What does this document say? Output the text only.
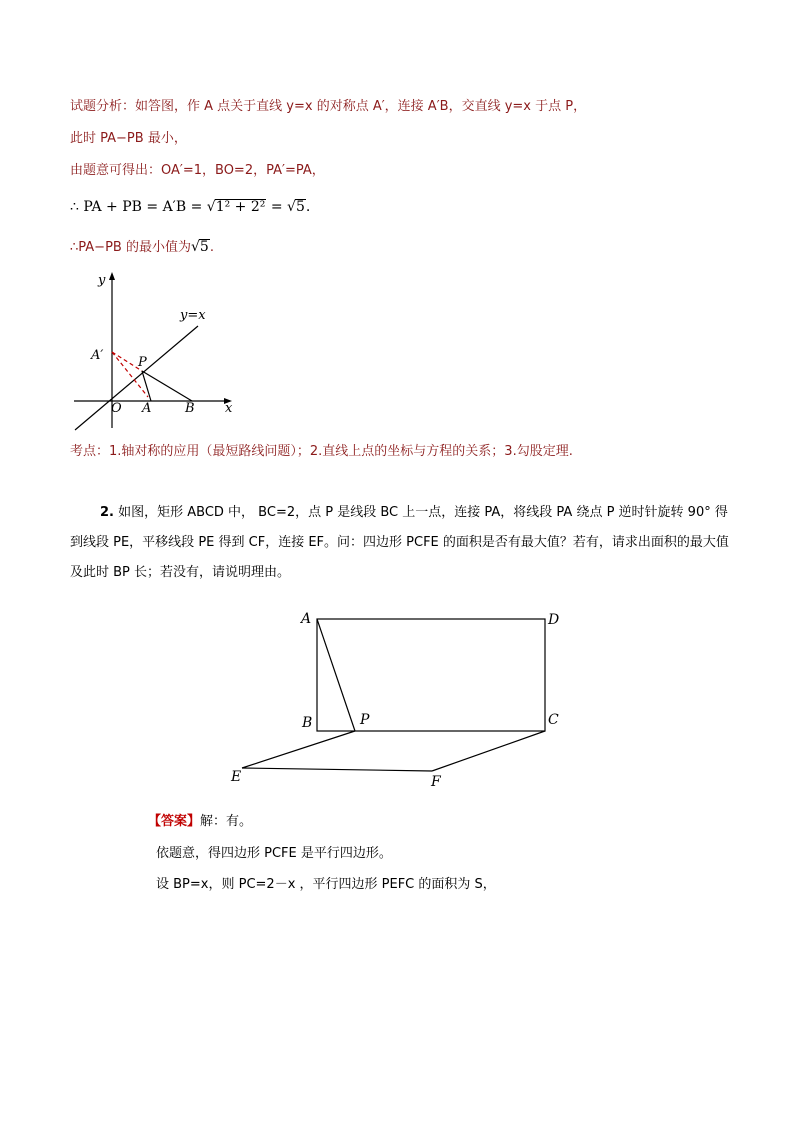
试题分析：如答图，作 A 点关于直线 y=x 的对称点 A′，连接 A′B，交直线 y=x 于点 P，
此时 PA−PB 最小，
由题意可得出：OA′=1，BO=2，PA′=PA，
∴ PA + PB = A′B = √1² + 2² = √5.
∴PA−PB 的最小值为√5.
y
x
y=x
A′	P
O A	B
考点：1.轴对称的应用（最短路线问题）；2.直线上点的坐标与方程的关系；3.勾股定理.
2. 如图，矩形 ABCD 中， BC=2，点 P 是线段 BC 上一点，连接 PA，将线段 PA 绕点 P 逆时针旋转 90° 得到线段 PE，平移线段 PE 得到 CF，连接 EF。问：四边形 PCFE 的面积是否有最大值？若有，请求出面积的最大值及此时 BP 长；若没有，请说明理由。
A
B	P	C
D
E	F
【答案】解：有。
依题意，得四边形 PCFE 是平行四边形。
设 BP=x，则 PC=2－x ，平行四边形 PEFC 的面积为 S，
